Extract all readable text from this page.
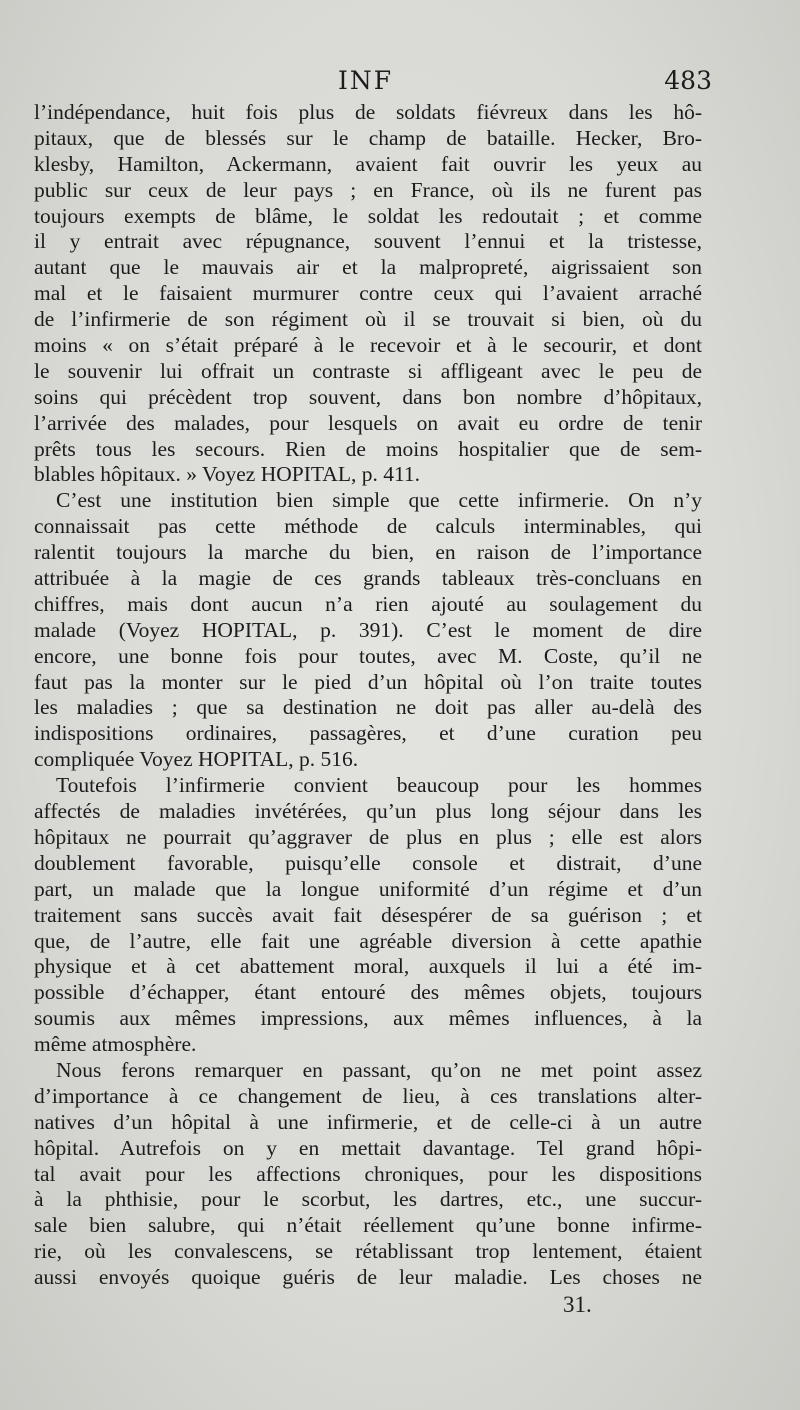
INF	483
l’indépendance, huit fois plus de soldats fiévreux dans les hô-
pitaux, que de blessés sur le champ de bataille. Hecker, Bro-
klesby, Hamilton, Ackermann, avaient fait ouvrir les yeux au
public sur ceux de leur pays ; en France, où ils ne furent pas
toujours exempts de blâme, le soldat les redoutait ; et comme
il y entrait avec répugnance, souvent l’ennui et la tristesse,
autant que le mauvais air et la malpropreté, aigrissaient son
mal et le faisaient murmurer contre ceux qui l’avaient arraché
de l’infirmerie de son régiment où il se trouvait si bien, où du
moins « on s’était préparé à le recevoir et à le secourir, et dont
le souvenir lui offrait un contraste si affligeant avec le peu de
soins qui précèdent trop souvent, dans bon nombre d’hôpitaux,
l’arrivée des malades, pour lesquels on avait eu ordre de tenir
prêts tous les secours. Rien de moins hospitalier que de sem-
blables hôpitaux. » Voyez HOPITAL, p. 411.
C’est une institution bien simple que cette infirmerie. On n’y
connaissait pas cette méthode de calculs interminables, qui
ralentit toujours la marche du bien, en raison de l’importance
attribuée à la magie de ces grands tableaux très-concluans en
chiffres, mais dont aucun n’a rien ajouté au soulagement du
malade (Voyez HOPITAL, p. 391). C’est le moment de dire
encore, une bonne fois pour toutes, avec M. Coste, qu’il ne
faut pas la monter sur le pied d’un hôpital où l’on traite toutes
les maladies ; que sa destination ne doit pas aller au-delà des
indispositions ordinaires, passagères, et d’une curation peu
compliquée Voyez HOPITAL, p. 516.
Toutefois l’infirmerie convient beaucoup pour les hommes
affectés de maladies invétérées, qu’un plus long séjour dans les
hôpitaux ne pourrait qu’aggraver de plus en plus ; elle est alors
doublement favorable, puisqu’elle console et distrait, d’une
part, un malade que la longue uniformité d’un régime et d’un
traitement sans succès avait fait désespérer de sa guérison ; et
que, de l’autre, elle fait une agréable diversion à cette apathie
physique et à cet abattement moral, auxquels il lui a été im-
possible d’échapper, étant entouré des mêmes objets, toujours
soumis aux mêmes impressions, aux mêmes influences, à la
même atmosphère.
Nous ferons remarquer en passant, qu’on ne met point assez
d’importance à ce changement de lieu, à ces translations alter-
natives d’un hôpital à une infirmerie, et de celle-ci à un autre
hôpital. Autrefois on y en mettait davantage. Tel grand hôpi-
tal avait pour les affections chroniques, pour les dispositions
à la phthisie, pour le scorbut, les dartres, etc., une succur-
sale bien salubre, qui n’était réellement qu’une bonne infirme-
rie, où les convalescens, se rétablissant trop lentement, étaient
aussi envoyés quoique guéris de leur maladie. Les choses ne
31.
